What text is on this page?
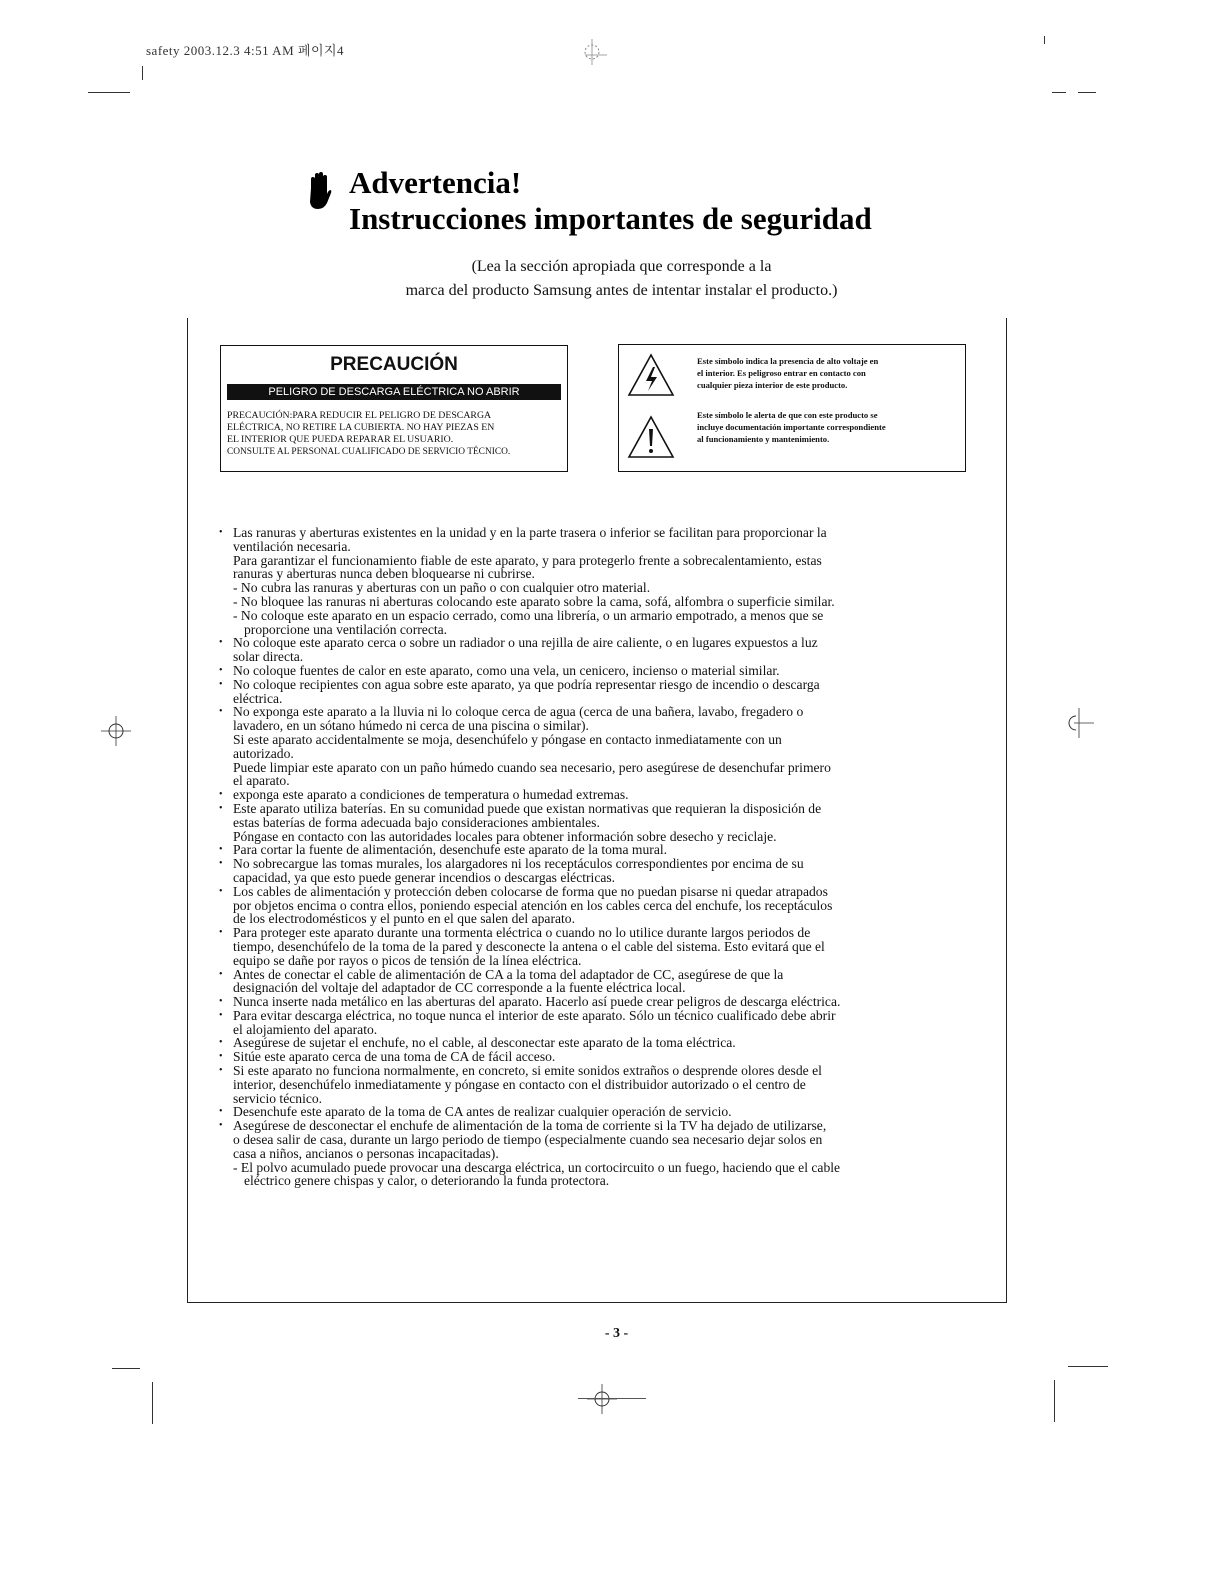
safety 2003.12.3 4:51 AM 페이지4
Advertencia!
Instrucciones importantes de seguridad
(Lea la sección apropiada que corresponde a la
marca del producto Samsung antes de intentar instalar el producto.)
PRECAUCIÓN
PELIGRO DE DESCARGA ELÉCTRICA NO ABRIR
PRECAUCIÓN:PARA REDUCIR EL PELIGRO DE DESCARGA
ELÉCTRICA, NO RETIRE LA CUBIERTA. NO HAY PIEZAS EN
EL INTERIOR QUE PUEDA REPARAR EL USUARIO.
CONSULTE AL PERSONAL CUALIFICADO DE SERVICIO TÉCNICO.
Este símbolo indica la presencia de alto voltaje en
el interior. Es peligroso entrar en contacto con
cualquier pieza interior de este producto.
Este símbolo le alerta de que con este producto se
incluye documentación importante correspondiente
al funcionamiento y mantenimiento.
• Las ranuras y aberturas existentes en la unidad y en la parte trasera o inferior se facilitan para proporcionar la
ventilación necesaria.
Para garantizar el funcionamiento fiable de este aparato, y para protegerlo frente a sobrecalentamiento, estas
ranuras y aberturas nunca deben bloquearse ni cubrirse.
- No cubra las ranuras y aberturas con un paño o con cualquier otro material.
- No bloquee las ranuras ni aberturas colocando este aparato sobre la cama, sofá, alfombra o superficie similar.
- No coloque este aparato en un espacio cerrado, como una librería, o un armario empotrado, a menos que se
proporcione una ventilación correcta.
• No coloque este aparato cerca o sobre un radiador o una rejilla de aire caliente, o en lugares expuestos a luz
solar directa.
• No coloque fuentes de calor en este aparato, como una vela, un cenicero, incienso o material similar.
• No coloque recipientes con agua sobre este aparato, ya que podría representar riesgo de incendio o descarga
eléctrica.
• No exponga este aparato a la lluvia ni lo coloque cerca de agua (cerca de una bañera, lavabo, fregadero o
lavadero, en un sótano húmedo ni cerca de una piscina o similar).
Si este aparato accidentalmente se moja, desenchúfelo y póngase en contacto inmediatamente con un
autorizado.
Puede limpiar este aparato con un paño húmedo cuando sea necesario, pero asegúrese de desenchufar primero
el aparato.
• exponga este aparato a condiciones de temperatura o humedad extremas.
• Este aparato utiliza baterías. En su comunidad puede que existan normativas que requieran la disposición de
estas baterías de forma adecuada bajo consideraciones ambientales.
Póngase en contacto con las autoridades locales para obtener información sobre desecho y reciclaje.
• Para cortar la fuente de alimentación, desenchufe este aparato de la toma mural.
• No sobrecargue las tomas murales, los alargadores ni los receptáculos correspondientes por encima de su
capacidad, ya que esto puede generar incendios o descargas eléctricas.
• Los cables de alimentación y protección deben colocarse de forma que no puedan pisarse ni quedar atrapados
por objetos encima o contra ellos, poniendo especial atención en los cables cerca del enchufe, los receptáculos
de los electrodomésticos y el punto en el que salen del aparato.
• Para proteger este aparato durante una tormenta eléctrica o cuando no lo utilice durante largos periodos de
tiempo, desenchúfelo de la toma de la pared y desconecte la antena o el cable del sistema. Esto evitará que el
equipo se dañe por rayos o picos de tensión de la línea eléctrica.
• Antes de conectar el cable de alimentación de CA a la toma del adaptador de CC, asegúrese de que la
designación del voltaje del adaptador de CC corresponde a la fuente eléctrica local.
• Nunca inserte nada metálico en las aberturas del aparato. Hacerlo así puede crear peligros de descarga eléctrica.
• Para evitar descarga eléctrica, no toque nunca el interior de este aparato. Sólo un técnico cualificado debe abrir
el alojamiento del aparato.
• Asegúrese de sujetar el enchufe, no el cable, al desconectar este aparato de la toma eléctrica.
• Sitúe este aparato cerca de una toma de CA de fácil acceso.
• Si este aparato no funciona normalmente, en concreto, si emite sonidos extraños o desprende olores desde el
interior, desenchúfelo inmediatamente y póngase en contacto con el distribuidor autorizado o el centro de
servicio técnico.
• Desenchufe este aparato de la toma de CA antes de realizar cualquier operación de servicio.
• Asegúrese de desconectar el enchufe de alimentación de la toma de corriente si la TV ha dejado de utilizarse,
o desea salir de casa, durante un largo periodo de tiempo (especialmente cuando sea necesario dejar solos en
casa a niños, ancianos o personas incapacitadas).
- El polvo acumulado puede provocar una descarga eléctrica, un cortocircuito o un fuego, haciendo que el cable
eléctrico genere chispas y calor, o deteriorando la funda protectora.
- 3 -
